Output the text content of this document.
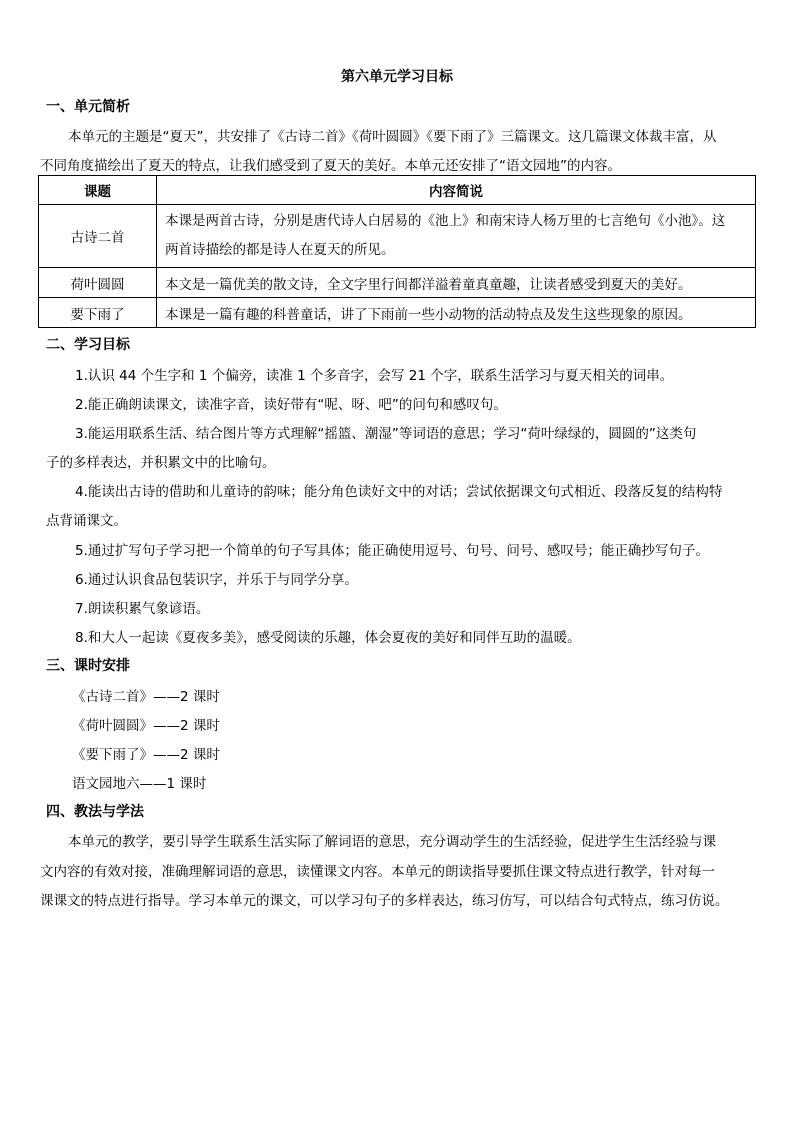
第六单元学习目标
一、单元简析
本单元的主题是“夏天”，共安排了《古诗二首》《荷叶圆圆》《要下雨了》三篇课文。这几篇课文体裁丰富，从
不同角度描绘出了夏天的特点，让我们感受到了夏天的美好。本单元还安排了“语文园地”的内容。
课题	内容简说
古诗二首	本课是两首古诗，分别是唐代诗人白居易的《池上》和南宋诗人杨万里的七言绝句《小池》。这
两首诗描绘的都是诗人在夏天的所见。

荷叶圆圆	本文是一篇优美的散文诗，全文字里行间都洋溢着童真童趣，让读者感受到夏天的美好。
要下雨了	本课是一篇有趣的科普童话，讲了下雨前一些小动物的活动特点及发生这些现象的原因。
二、学习目标
1.认识 44 个生字和 1 个偏旁，读准 1 个多音字，会写 21 个字，联系生活学习与夏天相关的词串。
2.能正确朗读课文，读准字音，读好带有“呢、呀、吧”的问句和感叹句。
3.能运用联系生活、结合图片等方式理解“摇篮、潮湿”等词语的意思；学习“荷叶绿绿的，圆圆的”这类句
子的多样表达，并积累文中的比喻句。
4.能读出古诗的借助和儿童诗的韵味；能分角色读好文中的对话；尝试依据课文句式相近、段落反复的结构特
点背诵课文。
5.通过扩写句子学习把一个简单的句子写具体；能正确使用逗号、句号、问号、感叹号；能正确抄写句子。
6.通过认识食品包装识字，并乐于与同学分享。
7.朗读积累气象谚语。
8.和大人一起读《夏夜多美》，感受阅读的乐趣，体会夏夜的美好和同伴互助的温暖。
三、课时安排
《古诗二首》——2 课时
《荷叶圆圆》——2 课时
《要下雨了》——2 课时
语文园地六——1 课时
四、教法与学法
本单元的教学，要引导学生联系生活实际了解词语的意思，充分调动学生的生活经验，促进学生生活经验与课
文内容的有效对接，准确理解词语的意思，读懂课文内容。本单元的朗读指导要抓住课文特点进行教学，针对每一
课课文的特点进行指导。学习本单元的课文，可以学习句子的多样表达，练习仿写，可以结合句式特点，练习仿说。
